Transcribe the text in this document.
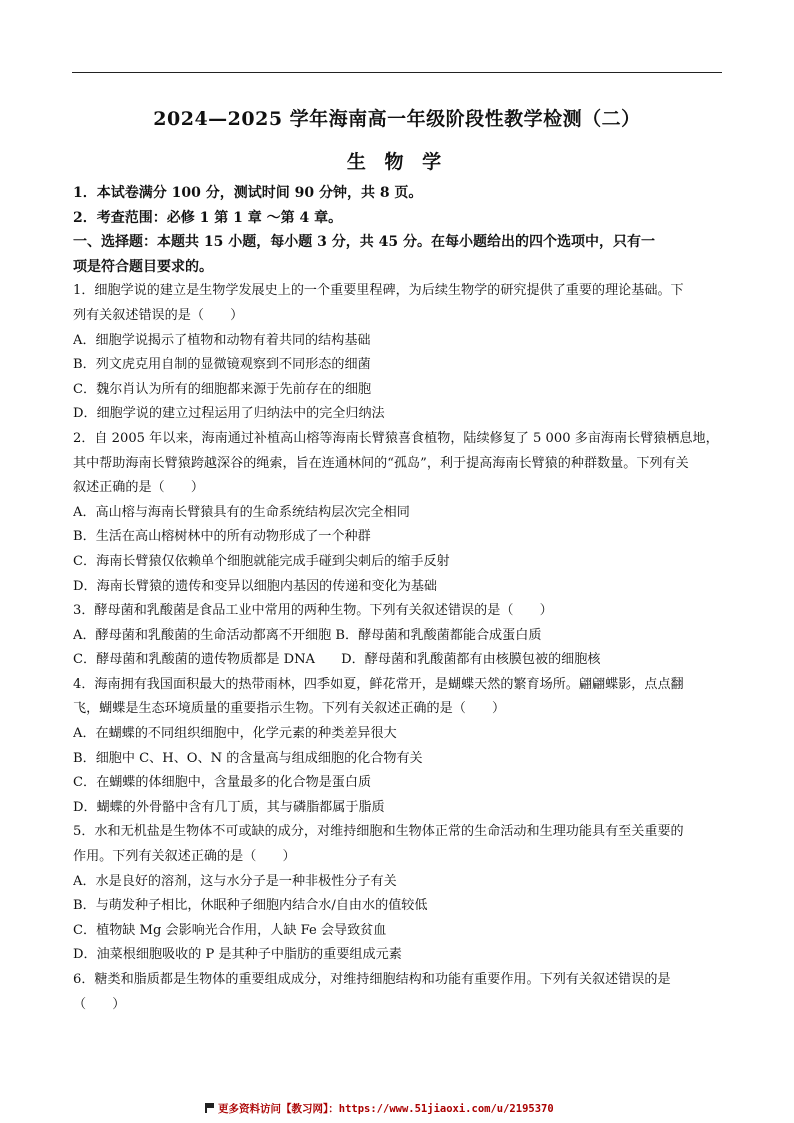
2024—2025 学年海南高一年级阶段性教学检测（二）
生 物 学
1．本试卷满分 100 分，测试时间 90 分钟，共 8 页。
2．考查范围：必修 1 第 1 章 ～第 4 章。
一、选择题：本题共 15 小题，每小题 3 分，共 45 分。在每小题给出的四个选项中，只有一
项是符合题目要求的。
1．细胞学说的建立是生物学发展史上的一个重要里程碑，为后续生物学的研究提供了重要的理论基础。下
列有关叙述错误的是（　　）
A．细胞学说揭示了植物和动物有着共同的结构基础
B．列文虎克用自制的显微镜观察到不同形态的细菌
C．魏尔肖认为所有的细胞都来源于先前存在的细胞
D．细胞学说的建立过程运用了归纳法中的完全归纳法
2．自 2005 年以来，海南通过补植高山榕等海南长臂猿喜食植物，陆续修复了 5 000 多亩海南长臂猿栖息地，
其中帮助海南长臂猿跨越深谷的绳索，旨在连通林间的“孤岛”，利于提高海南长臂猿的种群数量。下列有关
叙述正确的是（　　）
A．高山榕与海南长臂猿具有的生命系统结构层次完全相同
B．生活在高山榕树林中的所有动物形成了一个种群
C．海南长臂猿仅依赖单个细胞就能完成手碰到尖刺后的缩手反射
D．海南长臂猿的遗传和变异以细胞内基因的传递和变化为基础
3．酵母菌和乳酸菌是食品工业中常用的两种生物。下列有关叙述错误的是（　　）
A．酵母菌和乳酸菌的生命活动都离不开细胞 B．酵母菌和乳酸菌都能合成蛋白质
C．酵母菌和乳酸菌的遗传物质都是 DNA　　D．酵母菌和乳酸菌都有由核膜包被的细胞核
4．海南拥有我国面积最大的热带雨林，四季如夏，鲜花常开，是蝴蝶天然的繁育场所。翩翩蝶影，点点翻
飞，蝴蝶是生态环境质量的重要指示生物。下列有关叙述正确的是（　　）
A．在蝴蝶的不同组织细胞中，化学元素的种类差异很大
B．细胞中 C、H、O、N 的含量高与组成细胞的化合物有关
C．在蝴蝶的体细胞中，含量最多的化合物是蛋白质
D．蝴蝶的外骨骼中含有几丁质，其与磷脂都属于脂质
5．水和无机盐是生物体不可或缺的成分，对维持细胞和生物体正常的生命活动和生理功能具有至关重要的
作用。下列有关叙述正确的是（　　）
A．水是良好的溶剂，这与水分子是一种非极性分子有关
B．与萌发种子相比，休眠种子细胞内结合水/自由水的值较低
C．植物缺 Mg 会影响光合作用，人缺 Fe 会导致贫血
D．油菜根细胞吸收的 P 是其种子中脂肪的重要组成元素
6．糖类和脂质都是生物体的重要组成成分，对维持细胞结构和功能有重要作用。下列有关叙述错误的是
（　　）
更多资料访问【教习网】：https://www.51jiaoxi.com/u/2195370
